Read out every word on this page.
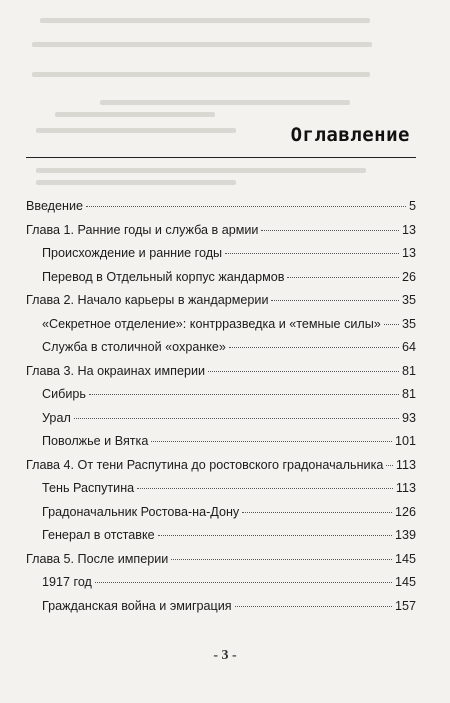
Оглавление
Введение	5
Глава 1. Ранние годы и служба в армии	13
Происхождение и ранние годы	13
Перевод в Отдельный корпус жандармов	26
Глава 2. Начало карьеры в жандармерии	35
«Секретное отделение»: контрразведка и «темные силы» 35
Служба в столичной «охранке»	64
Глава 3. На окраинах империи	81
Сибирь	81
Урал	93
Поволжье и Вятка	101
Глава 4. От тени Распутина до ростовского градоначальника 113
Тень Распутина	113
Градоначальник Ростова-на-Дону	126
Генерал в отставке	139
Глава 5. После империи	145
1917 год	145
Гражданская война и эмиграция	157
- 3 -
